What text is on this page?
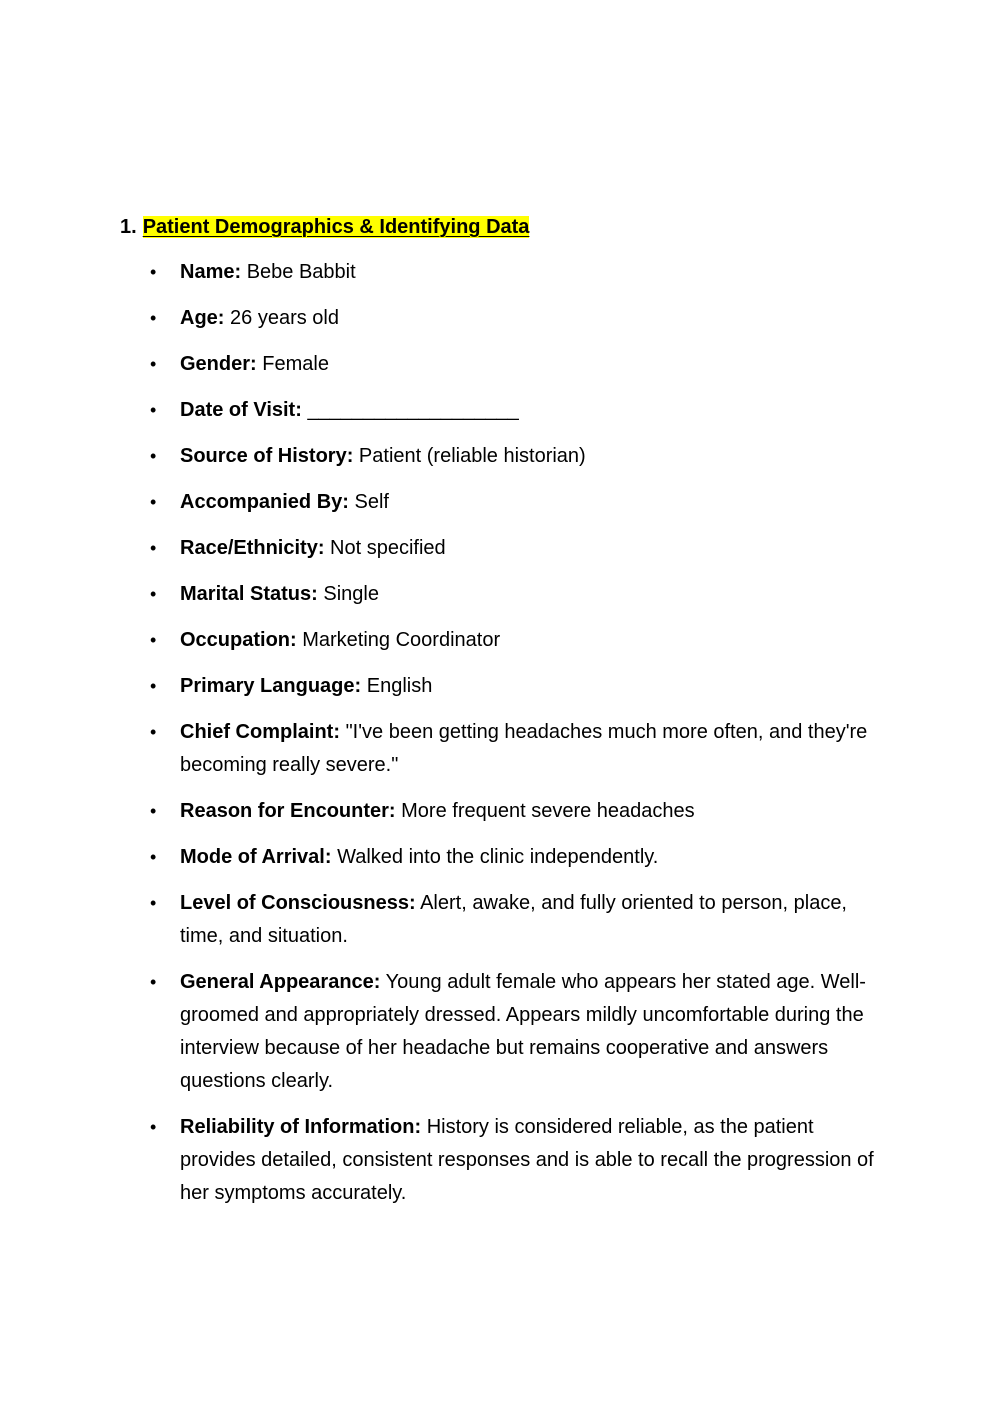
1. Patient Demographics & Identifying Data
• Name: Bebe Babbit
• Age: 26 years old
• Gender: Female
• Date of Visit: ___________________
• Source of History: Patient (reliable historian)
• Accompanied By: Self
• Race/Ethnicity: Not specified
• Marital Status: Single
• Occupation: Marketing Coordinator
• Primary Language: English
• Chief Complaint: "I've been getting headaches much more often, and they're becoming really severe."
• Reason for Encounter: More frequent severe headaches
• Mode of Arrival: Walked into the clinic independently.
• Level of Consciousness: Alert, awake, and fully oriented to person, place, time, and situation.
• General Appearance: Young adult female who appears her stated age. Well-groomed and appropriately dressed. Appears mildly uncomfortable during the interview because of her headache but remains cooperative and answers questions clearly.
• Reliability of Information: History is considered reliable, as the patient provides detailed, consistent responses and is able to recall the progression of her symptoms accurately.
